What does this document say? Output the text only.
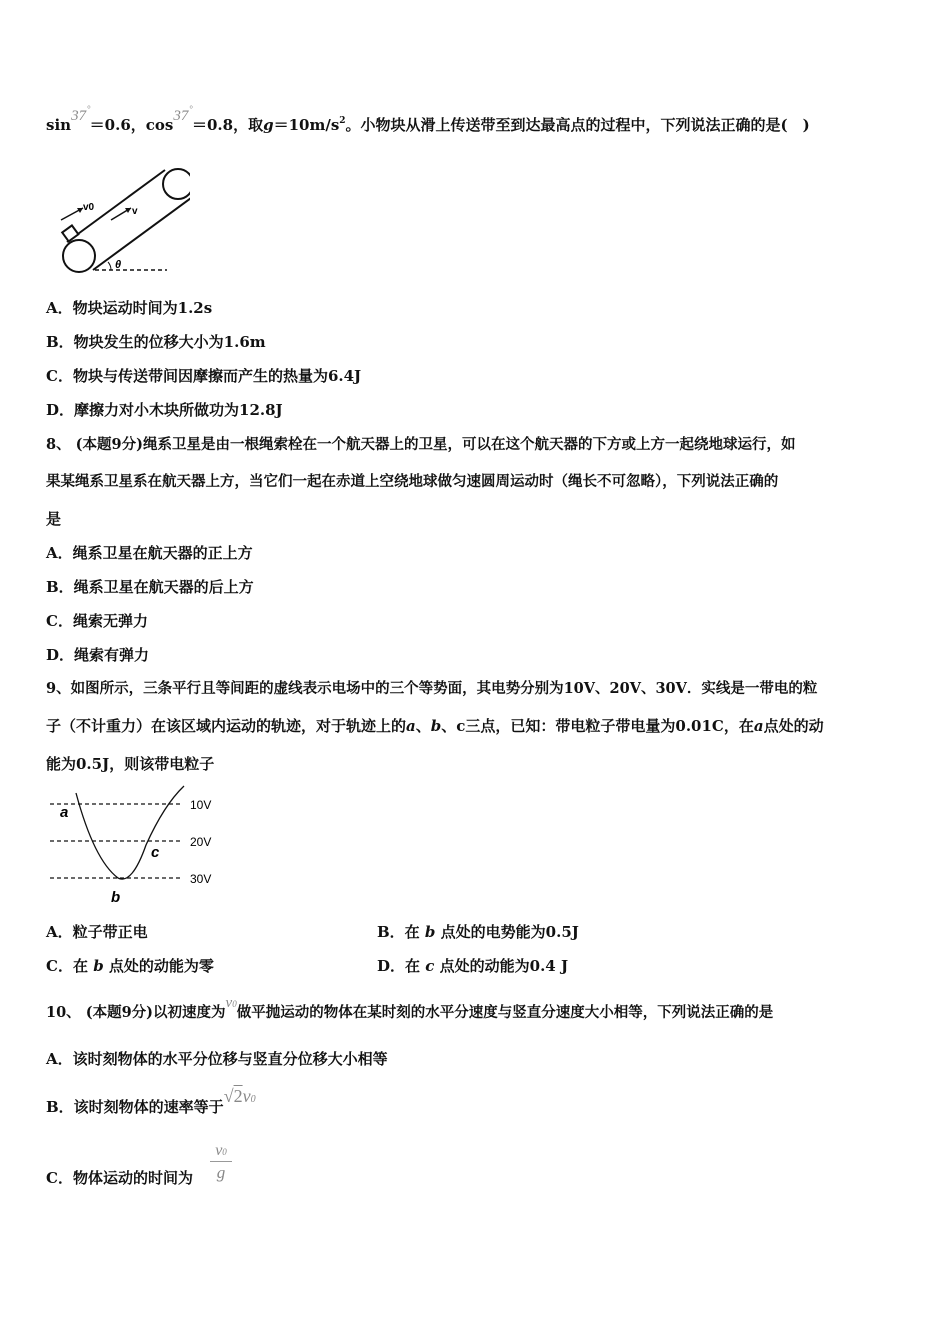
sin37°＝0.6，cos37°＝0.8，取$g=10m/s^2$。小物块从滑上传送带至到达最高点的过程中，下列说法正确的是(　)
v0	v
θ
A．物块运动时间为1.2s
B．物块发生的位移大小为1.6m
C．物块与传送带间因摩擦而产生的热量为6.4J
D．摩擦力对小木块所做功为12.8J
8、 (本题9分)绳系卫星是由一根绳索栓在一个航天器上的卫星，可以在这个航天器的下方或上方一起绕地球运行，如
果某绳系卫星系在航天器上方，当它们一起在赤道上空绕地球做匀速圆周运动时（绳长不可忽略），下列说法正确的
是
A．绳系卫星在航天器的正上方
B．绳系卫星在航天器的后上方
C．绳索无弹力
D．绳索有弹力
9、如图所示，三条平行且等间距的虚线表示电场中的三个等势面，其电势分别为10V、20V、30V．实线是一带电的粒
子（不计重力）在该区域内运动的轨迹，对于轨迹上的a、b、c三点，已知：带电粒子带电量为0.01C，在a点处的动
能为0.5J，则该带电粒子
10V
20V
30V
a
b
c
A．粒子带正电	B．在 b 点处的电势能为0.5J
C．在 b 点处的动能为零	D．在 c 点处的动能为0.4 J
10、 (本题9分)以初速度为v0做平抛运动的物体在某时刻的水平分速度与竖直分速度大小相等，下列说法正确的是
A．该时刻物体的水平分位移与竖直分位移大小相等
B．该时刻物体的速率等于√2v0
C．物体运动的时间为
v0
g
